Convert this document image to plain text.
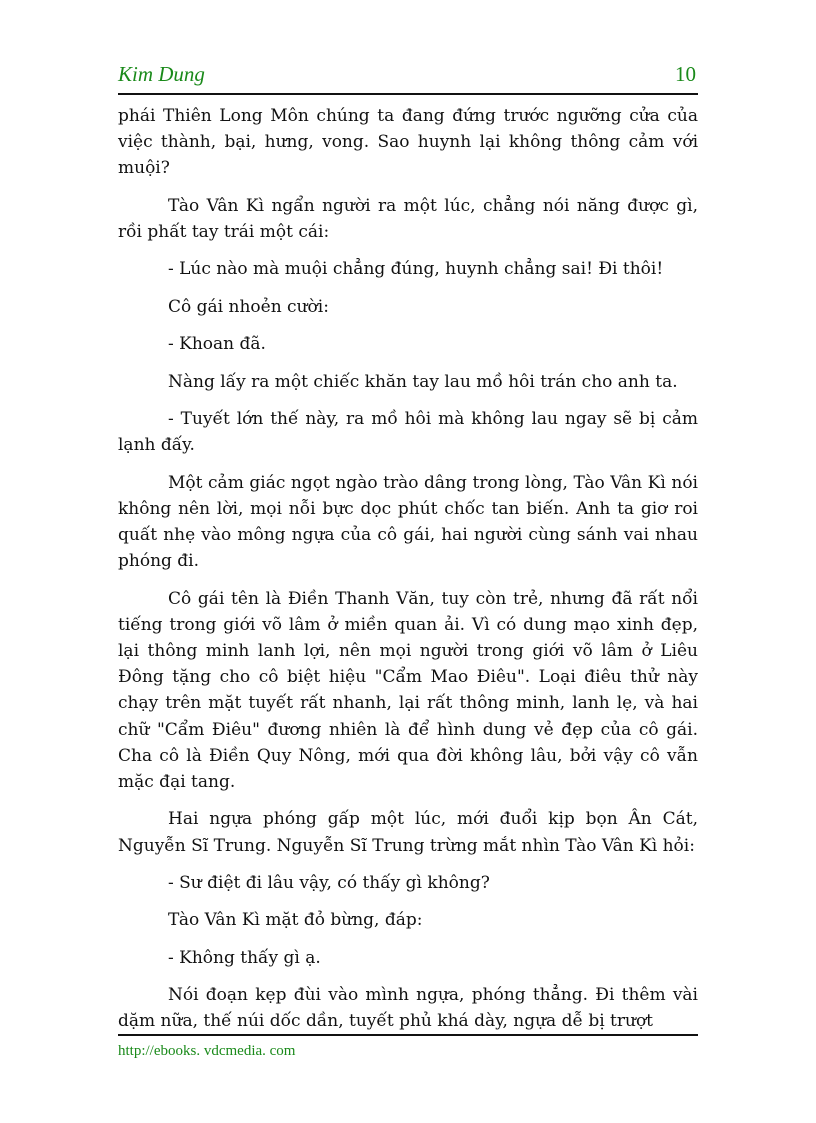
Kim Dung	10

phái Thiên Long Môn chúng ta đang đứng trước ngưỡng cửa của việc thành, bại, hưng, vong. Sao huynh lại không thông cảm với muội?

Tào Vân Kì ngẩn người ra một lúc, chẳng nói năng được gì, rồi phất tay trái một cái:

- Lúc nào mà muội chẳng đúng, huynh chẳng sai! Đi thôi!

Cô gái nhoẻn cười:

- Khoan đã.

Nàng lấy ra một chiếc khăn tay lau mồ hôi trán cho anh ta.

- Tuyết lớn thế này, ra mồ hôi mà không lau ngay sẽ bị cảm lạnh đấy.

Một cảm giác ngọt ngào trào dâng trong lòng, Tào Vân Kì nói không nên lời, mọi nỗi bực dọc phút chốc tan biến. Anh ta giơ roi quất nhẹ vào mông ngựa của cô gái, hai người cùng sánh vai nhau phóng đi.

Cô gái tên là Điền Thanh Văn, tuy còn trẻ, nhưng đã rất nổi tiếng trong giới võ lâm ở miền quan ải. Vì có dung mạo xinh đẹp, lại thông minh lanh lợi, nên mọi người trong giới võ lâm ở Liêu Đông tặng cho cô biệt hiệu "Cẩm Mao Điêu". Loại điêu thử này chạy trên mặt tuyết rất nhanh, lại rất thông minh, lanh lẹ, và hai chữ "Cẩm Điêu" đương nhiên là để hình dung vẻ đẹp của cô gái. Cha cô là Điền Quy Nông, mới qua đời không lâu, bởi vậy cô vẫn mặc đại tang.

Hai ngựa phóng gấp một lúc, mới đuổi kịp bọn Ân Cát, Nguyễn Sĩ Trung. Nguyễn Sĩ Trung trừng mắt nhìn Tào Vân Kì hỏi:

- Sư điệt đi lâu vậy, có thấy gì không?

Tào Vân Kì mặt đỏ bừng, đáp:

- Không thấy gì ạ.

Nói đoạn kẹp đùi vào mình ngựa, phóng thẳng. Đi thêm vài dặm nữa, thế núi dốc dần, tuyết phủ khá dày, ngựa dễ bị trượt

http://ebooks. vdcmedia. com
